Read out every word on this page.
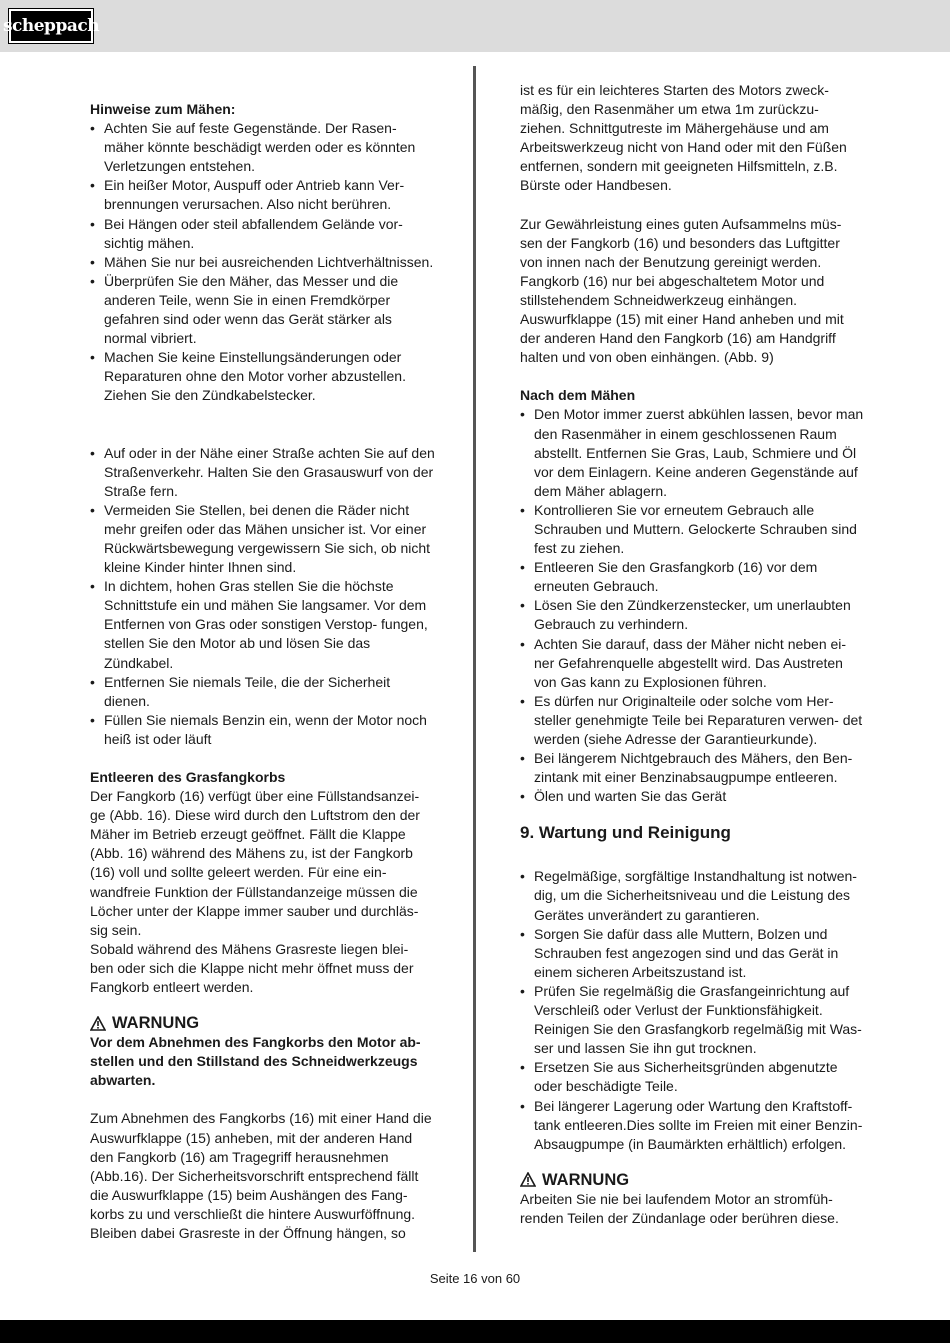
scheppach

Hinweise zum Mähen:

• Achten Sie auf feste Gegenstände. Der Rasen- mäher könnte beschädigt werden oder es könnten Verletzungen entstehen.
• Ein heißer Motor, Auspuff oder Antrieb kann Ver- brennungen verursachen. Also nicht berühren.
• Bei Hängen oder steil abfallendem Gelände vor- sichtig mähen.
• Mähen Sie nur bei ausreichenden Lichtverhältnissen.
• Überprüfen Sie den Mäher, das Messer und die anderen Teile, wenn Sie in einen Fremdkörper gefahren sind oder wenn das Gerät stärker als normal vibriert.
• Machen Sie keine Einstellungsänderungen oder Reparaturen ohne den Motor vorher abzustellen. Ziehen Sie den Zündkabelstecker.
• Auf oder in der Nähe einer Straße achten Sie auf den Straßenverkehr. Halten Sie den Grasauswurf von der Straße fern.
• Vermeiden Sie Stellen, bei denen die Räder nicht mehr greifen oder das Mähen unsicher ist. Vor einer Rückwärtsbewegung vergewissern Sie sich, ob nicht kleine Kinder hinter Ihnen sind.
• In dichtem, hohen Gras stellen Sie die höchste Schnittstufe ein und mähen Sie langsamer. Vor dem Entfernen von Gras oder sonstigen Verstop- fungen, stellen Sie den Motor ab und lösen Sie das Zündkabel.
• Entfernen Sie niemals Teile, die der Sicherheit dienen.
• Füllen Sie niemals Benzin ein, wenn der Motor noch heiß ist oder läuft

Entleeren des Grasfangkorbs

Der Fangkorb (16) verfügt über eine Füllstandsanzei- ge (Abb. 16). Diese wird durch den Luftstrom den der Mäher im Betrieb erzeugt geöffnet. Fällt die Klappe (Abb. 16) während des Mähens zu, ist der Fangkorb (16) voll und sollte geleert werden. Für eine ein- wandfreie Funktion der Füllstandanzeige müssen die Löcher unter der Klappe immer sauber und durchläs- sig sein.

Sobald während des Mähens Grasreste liegen blei- ben oder sich die Klappe nicht mehr öffnet muss der Fangkorb entleert werden.

WARNUNG

Vor dem Abnehmen des Fangkorbs den Motor ab- stellen und den Stillstand des Schneidwerkzeugs abwarten.

Zum Abnehmen des Fangkorbs (16) mit einer Hand die Auswurfklappe (15) anheben, mit der anderen Hand den Fangkorb (16) am Tragegriff herausnehmen (Abb.16). Der Sicherheitsvorschrift entsprechend fällt die Auswurfklappe (15) beim Aushängen des Fang- korbs zu und verschließt die hintere Auswurföffnung. Bleiben dabei Grasreste in der Öffnung hängen, so

ist es für ein leichteres Starten des Motors zweck- mäßig, den Rasenmäher um etwa 1m zurückzu- ziehen. Schnittgutreste im Mähergehäuse und am Arbeitswerkzeug nicht von Hand oder mit den Füßen entfernen, sondern mit geeigneten Hilfsmitteln, z.B. Bürste oder Handbesen.

Zur Gewährleistung eines guten Aufsammelns müs- sen der Fangkorb (16) und besonders das Luftgitter von innen nach der Benutzung gereinigt werden. Fangkorb (16) nur bei abgeschaltetem Motor und stillstehendem Schneidwerkzeug einhängen. Auswurfklappe (15) mit einer Hand anheben und mit der anderen Hand den Fangkorb (16) am Handgriff halten und von oben einhängen. (Abb. 9)

Nach dem Mähen

• Den Motor immer zuerst abkühlen lassen, bevor man den Rasenmäher in einem geschlossenen Raum abstellt. Entfernen Sie Gras, Laub, Schmiere und Öl vor dem Einlagern. Keine anderen Gegenstände auf dem Mäher ablagern.
• Kontrollieren Sie vor erneutem Gebrauch alle Schrauben und Muttern. Gelockerte Schrauben sind fest zu ziehen.
• Entleeren Sie den Grasfangkorb (16) vor dem erneuten Gebrauch.
• Lösen Sie den Zündkerzenstecker, um unerlaubten Gebrauch zu verhindern.
• Achten Sie darauf, dass der Mäher nicht neben ei- ner Gefahrenquelle abgestellt wird. Das Austreten von Gas kann zu Explosionen führen.
• Es dürfen nur Originalteile oder solche vom Her- steller genehmigte Teile bei Reparaturen verwen- det werden (siehe Adresse der Garantieurkunde).
• Bei längerem Nichtgebrauch des Mähers, den Ben- zintank mit einer Benzinabsaugpumpe entleeren.
• Ölen und warten Sie das Gerät

9. Wartung und Reinigung

• Regelmäßige, sorgfältige Instandhaltung ist notwen- dig, um die Sicherheitsniveau und die Leistung des Gerätes unverändert zu garantieren.
• Sorgen Sie dafür dass alle Muttern, Bolzen und Schrauben fest angezogen sind und das Gerät in einem sicheren Arbeitszustand ist.
• Prüfen Sie regelmäßig die Grasfangeinrichtung auf Verschleiß oder Verlust der Funktionsfähigkeit. Reinigen Sie den Grasfangkorb regelmäßig mit Was- ser und lassen Sie ihn gut trocknen.
• Ersetzen Sie aus Sicherheitsgründen abgenutzte oder beschädigte Teile.
• Bei längerer Lagerung oder Wartung den Kraftstoff- tank entleeren.Dies sollte im Freien mit einer Benzin- Absaugpumpe (in Baumärkten erhältlich) erfolgen.
WARNUNG

Arbeiten Sie nie bei laufendem Motor an stromfüh- renden Teilen der Zündanlage oder berühren diese.

Seite 16 von 60
